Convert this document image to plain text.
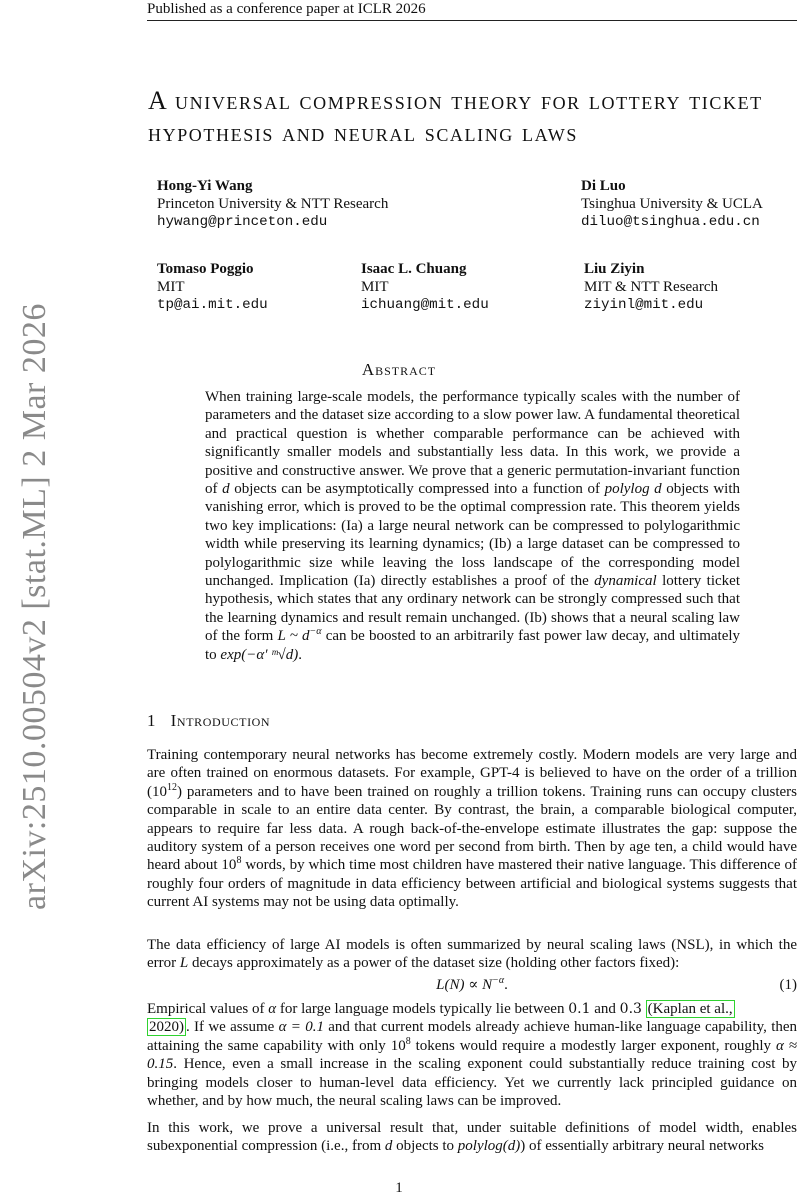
Published as a conference paper at ICLR 2026
arXiv:2510.00504v2 [stat.ML] 2 Mar 2026
A universal compression theory for lottery ticket hypothesis and neural scaling laws
Hong-Yi Wang
Princeton University & NTT Research
hywang@princeton.edu
Di Luo
Tsinghua University & UCLA
diluo@tsinghua.edu.cn
Tomaso Poggio
MIT
tp@ai.mit.edu
Isaac L. Chuang
MIT
ichuang@mit.edu
Liu Ziyin
MIT & NTT Research
ziyinl@mit.edu
Abstract
When training large-scale models, the performance typically scales with the number of parameters and the dataset size according to a slow power law. A fundamental theoretical and practical question is whether comparable performance can be achieved with significantly smaller models and substantially less data. In this work, we provide a positive and constructive answer. We prove that a generic permutation-invariant function of d objects can be asymptotically compressed into a function of polylog d objects with vanishing error, which is proved to be the optimal compression rate. This theorem yields two key implications: (Ia) a large neural network can be compressed to polylogarithmic width while preserving its learning dynamics; (Ib) a large dataset can be compressed to polylogarithmic size while leaving the loss landscape of the corresponding model unchanged. Implication (Ia) directly establishes a proof of the dynamical lottery ticket hypothesis, which states that any ordinary network can be strongly compressed such that the learning dynamics and result remain unchanged. (Ib) shows that a neural scaling law of the form L ~ $d^{-\alpha}$ can be boosted to an arbitrarily fast power law decay, and ultimately to exp(−α′ ᵐ√d).
1 Introduction
Training contemporary neural networks has become extremely costly. Modern models are very large and are often trained on enormous datasets. For example, GPT-4 is believed to have on the order of a trillion $(10^{12})$ parameters and to have been trained on roughly a trillion tokens. Training runs can occupy clusters comparable in scale to an entire data center. By contrast, the brain, a comparable biological computer, appears to require far less data. A rough back-of-the-envelope estimate illustrates the gap: suppose the auditory system of a person receives one word per second from birth. Then by age ten, a child would have heard about $10^8$ words, by which time most children have mastered their native language. This difference of roughly four orders of magnitude in data efficiency between artificial and biological systems suggests that current AI systems may not be using data optimally.
The data efficiency of large AI models is often summarized by neural scaling laws (NSL), in which the error L decays approximately as a power of the dataset size (holding other factors fixed):
$L(N) \propto N^{-\alpha}$.	(1)
Empirical values of α for large language models typically lie between 0.1 and 0.3 (Kaplan et al.,
2020) . If we assume α = 0.1 and that current models already achieve human-like language capability, then attaining the same capability with only $10^8$ tokens would require a modestly larger exponent, roughly α ≈ 0.15. Hence, even a small increase in the scaling exponent could substantially reduce training cost by bringing models closer to human-level data efficiency. Yet we currently lack principled guidance on whether, and by how much, the neural scaling laws can be improved.
In this work, we prove a universal result that, under suitable definitions of model width, enables subexponential compression (i.e., from d objects to polylog(d)) of essentially arbitrary neural networks
1
